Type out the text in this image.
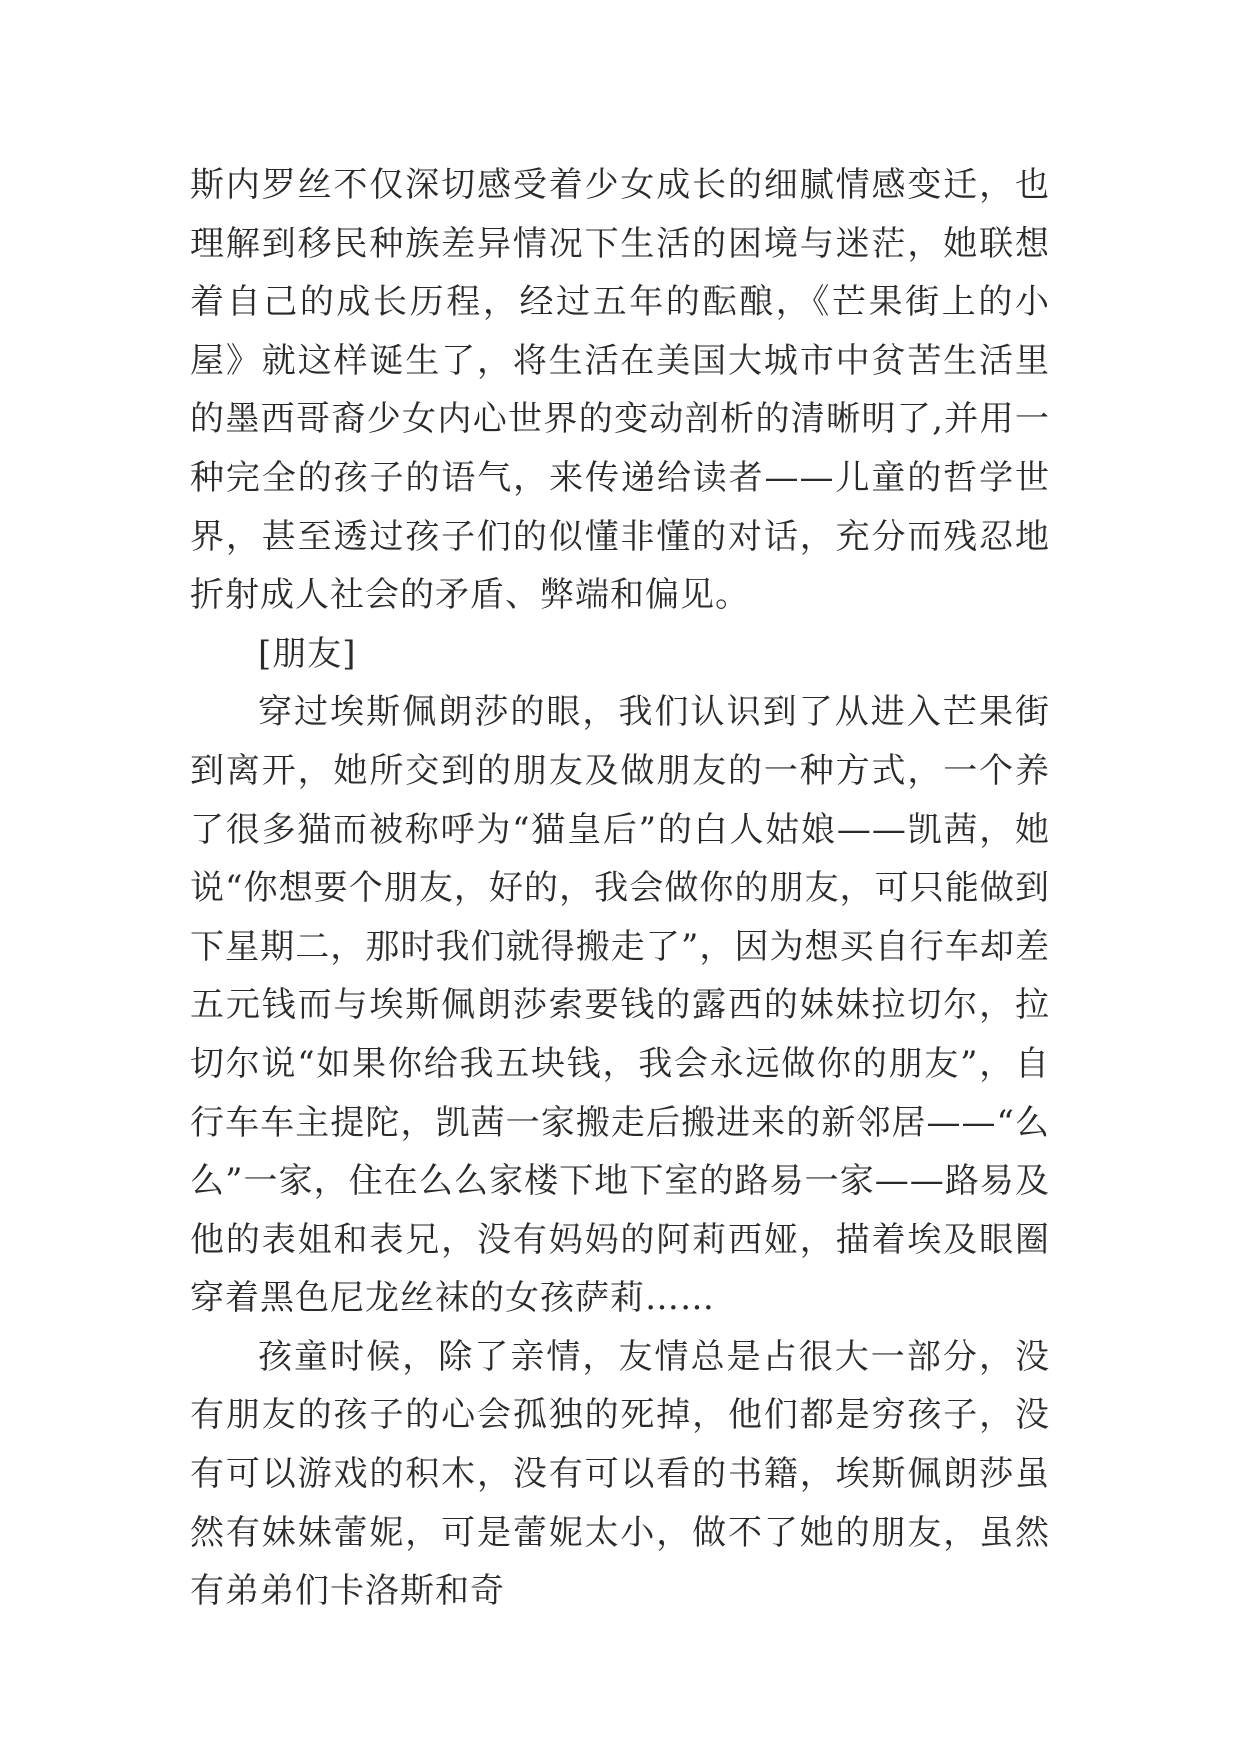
斯内罗丝不仅深切感受着少女成长的细腻情感变迁，也理解到移民种族差异情况下生活的困境与迷茫，她联想着自己的成长历程，经过五年的酝酿，《芒果街上的小屋》就这样诞生了，将生活在美国大城市中贫苦生活里的墨西哥裔少女内心世界的变动剖析的清晰明了,并用一种完全的孩子的语气，来传递给读者——儿童的哲学世界，甚至透过孩子们的似懂非懂的对话，充分而残忍地折射成人社会的矛盾、弊端和偏见。

[朋友]

穿过埃斯佩朗莎的眼，我们认识到了从进入芒果街到离开，她所交到的朋友及做朋友的一种方式，一个养了很多猫而被称呼为“猫皇后”的白人姑娘——凯茜，她说“你想要个朋友，好的，我会做你的朋友，可只能做到下星期二，那时我们就得搬走了”，因为想买自行车却差五元钱而与埃斯佩朗莎索要钱的露西的妹妹拉切尔，拉切尔说“如果你给我五块钱，我会永远做你的朋友”，自行车车主提陀，凯茜一家搬走后搬进来的新邻居——“么么”一家，住在么么家楼下地下室的路易一家——路易及他的表姐和表兄，没有妈妈的阿莉西娅，描着埃及眼圈穿着黑色尼龙丝袜的女孩萨莉……

孩童时候，除了亲情，友情总是占很大一部分，没有朋友的孩子的心会孤独的死掉，他们都是穷孩子，没有可以游戏的积木，没有可以看的书籍，埃斯佩朗莎虽然有妹妹蕾妮，可是蕾妮太小，做不了她的朋友，虽然有弟弟们卡洛斯和奇
